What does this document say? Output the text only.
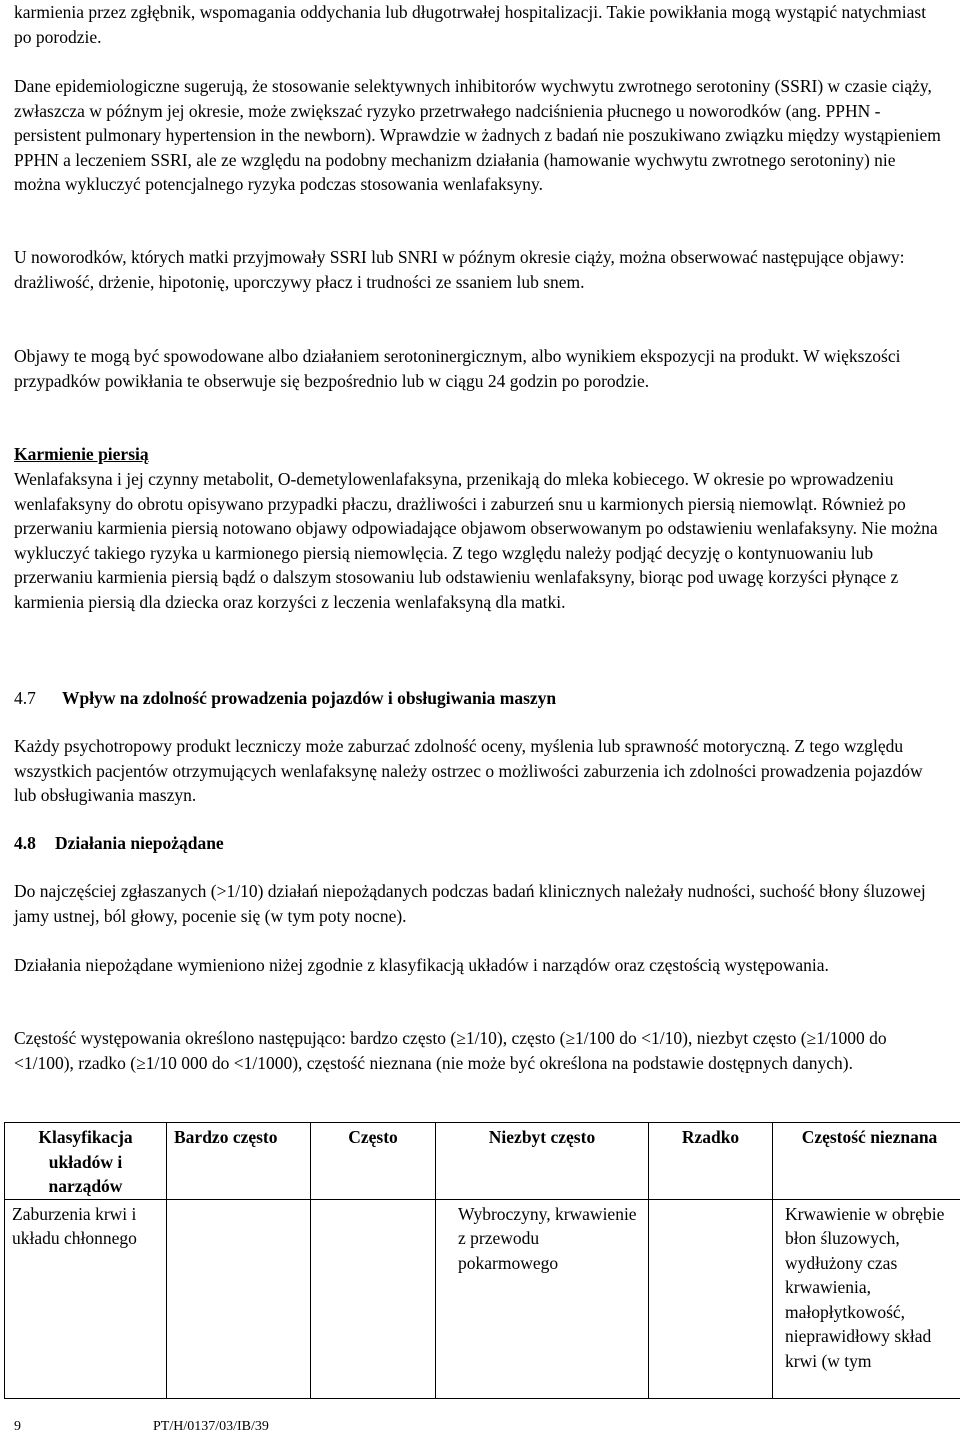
karmienia przez zgłębnik, wspomagania oddychania lub długotrwałej hospitalizacji. Takie powikłania mogą wystąpić natychmiast po porodzie.

Dane epidemiologiczne sugerują, że stosowanie selektywnych inhibitorów wychwytu zwrotnego serotoniny (SSRI) w czasie ciąży, zwłaszcza w późnym jej okresie, może zwiększać ryzyko przetrwałego nadciśnienia płucnego u noworodków (ang. PPHN - persistent pulmonary hypertension in the newborn). Wprawdzie w żadnych z badań nie poszukiwano związku między wystąpieniem PPHN a leczeniem SSRI, ale ze względu na podobny mechanizm działania (hamowanie wychwytu zwrotnego serotoniny) nie można wykluczyć potencjalnego ryzyka podczas stosowania wenlafaksyny.

U noworodków, których matki przyjmowały SSRI lub SNRI w późnym okresie ciąży, można obserwować następujące objawy: drażliwość, drżenie, hipotonię, uporczywy płacz i trudności ze ssaniem lub snem.

Objawy te mogą być spowodowane albo działaniem serotoninergicznym, albo wynikiem ekspozycji na produkt. W większości przypadków powikłania te obserwuje się bezpośrednio lub w ciągu 24 godzin po porodzie.

Karmienie piersią

Wenlafaksyna i jej czynny metabolit, O-demetylowenlafaksyna, przenikają do mleka kobiecego. W okresie po wprowadzeniu wenlafaksyny do obrotu opisywano przypadki płaczu, drażliwości i zaburzeń snu u karmionych piersią niemowląt. Również po przerwaniu karmienia piersią notowano objawy odpowiadające objawom obserwowanym po odstawieniu wenlafaksyny. Nie można wykluczyć takiego ryzyka u karmionego piersią niemowlęcia. Z tego względu należy podjąć decyzję o kontynuowaniu lub przerwaniu karmienia piersią bądź o dalszym stosowaniu lub odstawieniu wenlafaksyny, biorąc pod uwagę korzyści płynące z karmienia piersią dla dziecka oraz korzyści z leczenia wenlafaksyną dla matki.

4.7 Wpływ na zdolność prowadzenia pojazdów i obsługiwania maszyn

Każdy psychotropowy produkt leczniczy może zaburzać zdolność oceny, myślenia lub sprawność motoryczną. Z tego względu wszystkich pacjentów otrzymujących wenlafaksynę należy ostrzec o możliwości zaburzenia ich zdolności prowadzenia pojazdów lub obsługiwania maszyn.

4.8 Działania niepożądane

Do najczęściej zgłaszanych (>1/10) działań niepożądanych podczas badań klinicznych należały nudności, suchość błony śluzowej jamy ustnej, ból głowy, pocenie się (w tym poty nocne).

Działania niepożądane wymieniono niżej zgodnie z klasyfikacją układów i narządów oraz częstością występowania.

Częstość występowania określono następująco: bardzo często (≥1/10), często (≥1/100 do <1/10), niezbyt często (≥1/1000 do <1/100), rzadko (≥1/10 000 do <1/1000), częstość nieznana (nie może być określona na podstawie dostępnych danych).

Klasyfikacja układów i narządów	Bardzo często	Często	Niezbyt często	Rzadko	Częstość nieznana
Zaburzenia krwi i układu chłonnego			Wybroczyny, krwawienie z przewodu pokarmowego		Krwawienie w obrębie błon śluzowych, wydłużony czas krwawienia, małopłytkowość, nieprawidłowy skład krwi (w tym
9	PT/H/0137/03/IB/39
